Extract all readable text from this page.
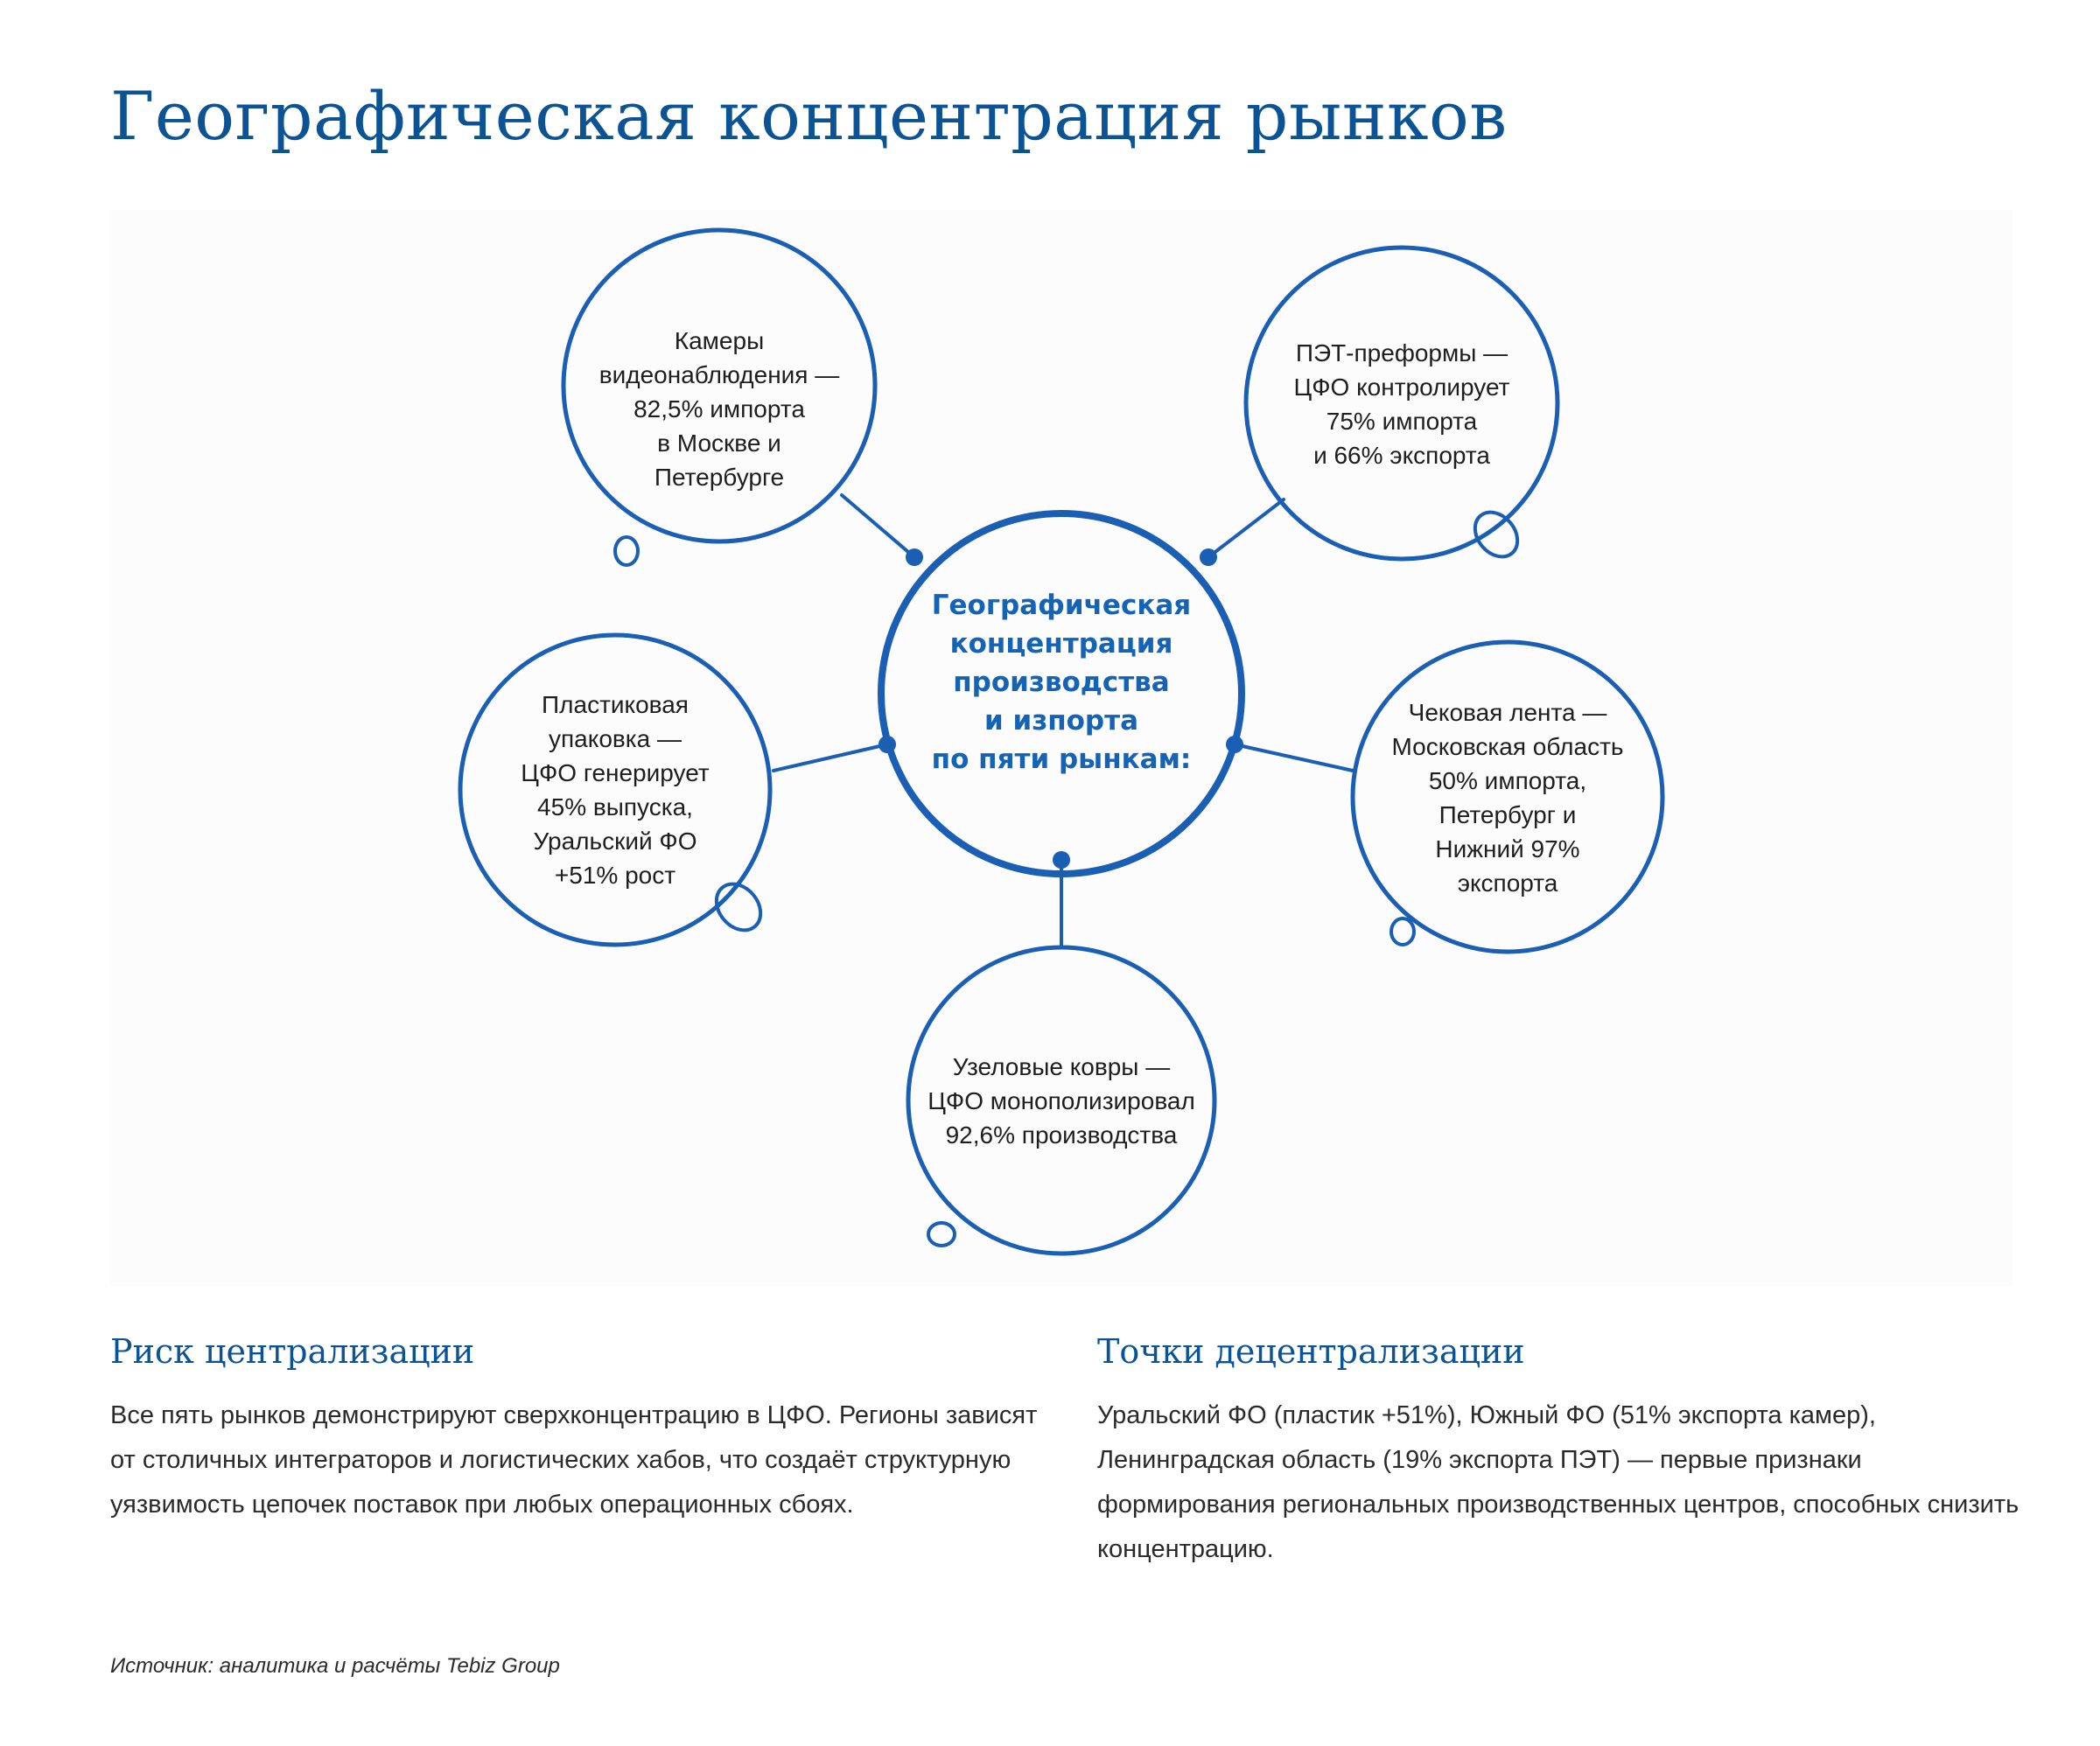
Географическая концентрация рынков

Географическая
концентрация
производства
и изпорта
по пяти рынкам:

Камеры
видеонаблюдения —
82,5% импорта
в Москве и
Петербурге

ПЭТ-преформы —
ЦФО контролирует
75% импорта
и 66% экспорта

Пластиковая
упаковка —
ЦФО генерирует
45% выпуска,
Уральский ФО
+51% рост

Чековая лента —
Московская область
50% импорта,
Петербург и
Нижний 97%
экспорта

Узеловые ковры —
ЦФО монополизировал
92,6% производства

Риск централизации

Все пять рынков демонстрируют сверхконцентрацию в ЦФО. Регионы зависят от столичных интеграторов и логистических хабов, что создаёт структурную уязвимость цепочек поставок при любых операционных сбоях.

Точки децентрализации

Уральский ФО (пластик +51%), Южный ФО (51% экспорта камер), Ленинградская область (19% экспорта ПЭТ) — первые признаки формирования региональных производственных центров, способных снизить концентрацию.

Источник: аналитика и расчёты Tebiz Group
